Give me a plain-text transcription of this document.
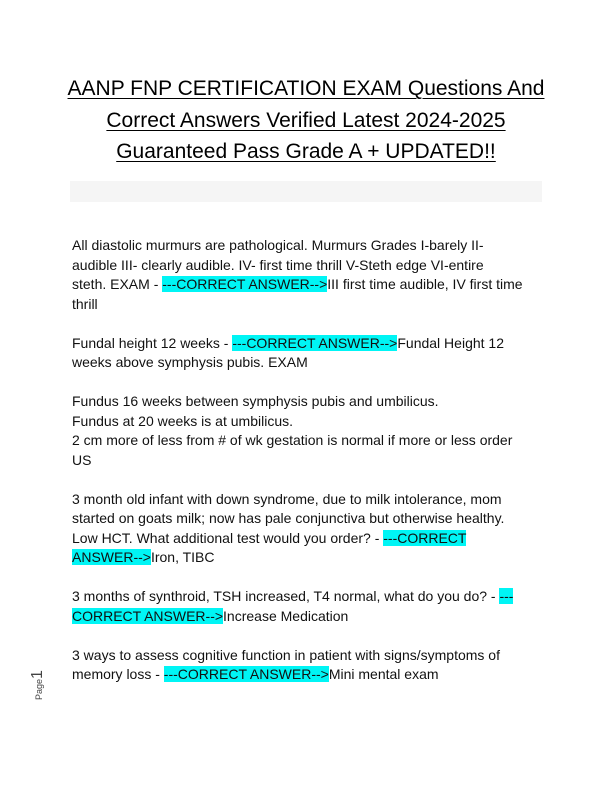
AANP FNP CERTIFICATION EXAM Questions And
Correct Answers Verified Latest 2024-2025
Guaranteed Pass Grade A + UPDATED!!
All diastolic murmurs are pathological. Murmurs Grades I-barely II-
audible III- clearly audible. IV- first time thrill V-Steth edge VI-entire
steth. EXAM - ---CORRECT ANSWER-->III first time audible, IV first time
thrill
Fundal height 12 weeks - ---CORRECT ANSWER-->Fundal Height 12
weeks above symphysis pubis. EXAM
Fundus 16 weeks between symphysis pubis and umbilicus.
Fundus at 20 weeks is at umbilicus.
2 cm more of less from # of wk gestation is normal if more or less order
US
3 month old infant with down syndrome, due to milk intolerance, mom
started on goats milk; now has pale conjunctiva but otherwise healthy.
Low HCT. What additional test would you order? - ---CORRECT
ANSWER-->Iron, TIBC
3 months of synthroid, TSH increased, T4 normal, what do you do? - ---
CORRECT ANSWER-->Increase Medication
3 ways to assess cognitive function in patient with signs/symptoms of
memory loss - ---CORRECT ANSWER-->Mini mental exam
Page1
